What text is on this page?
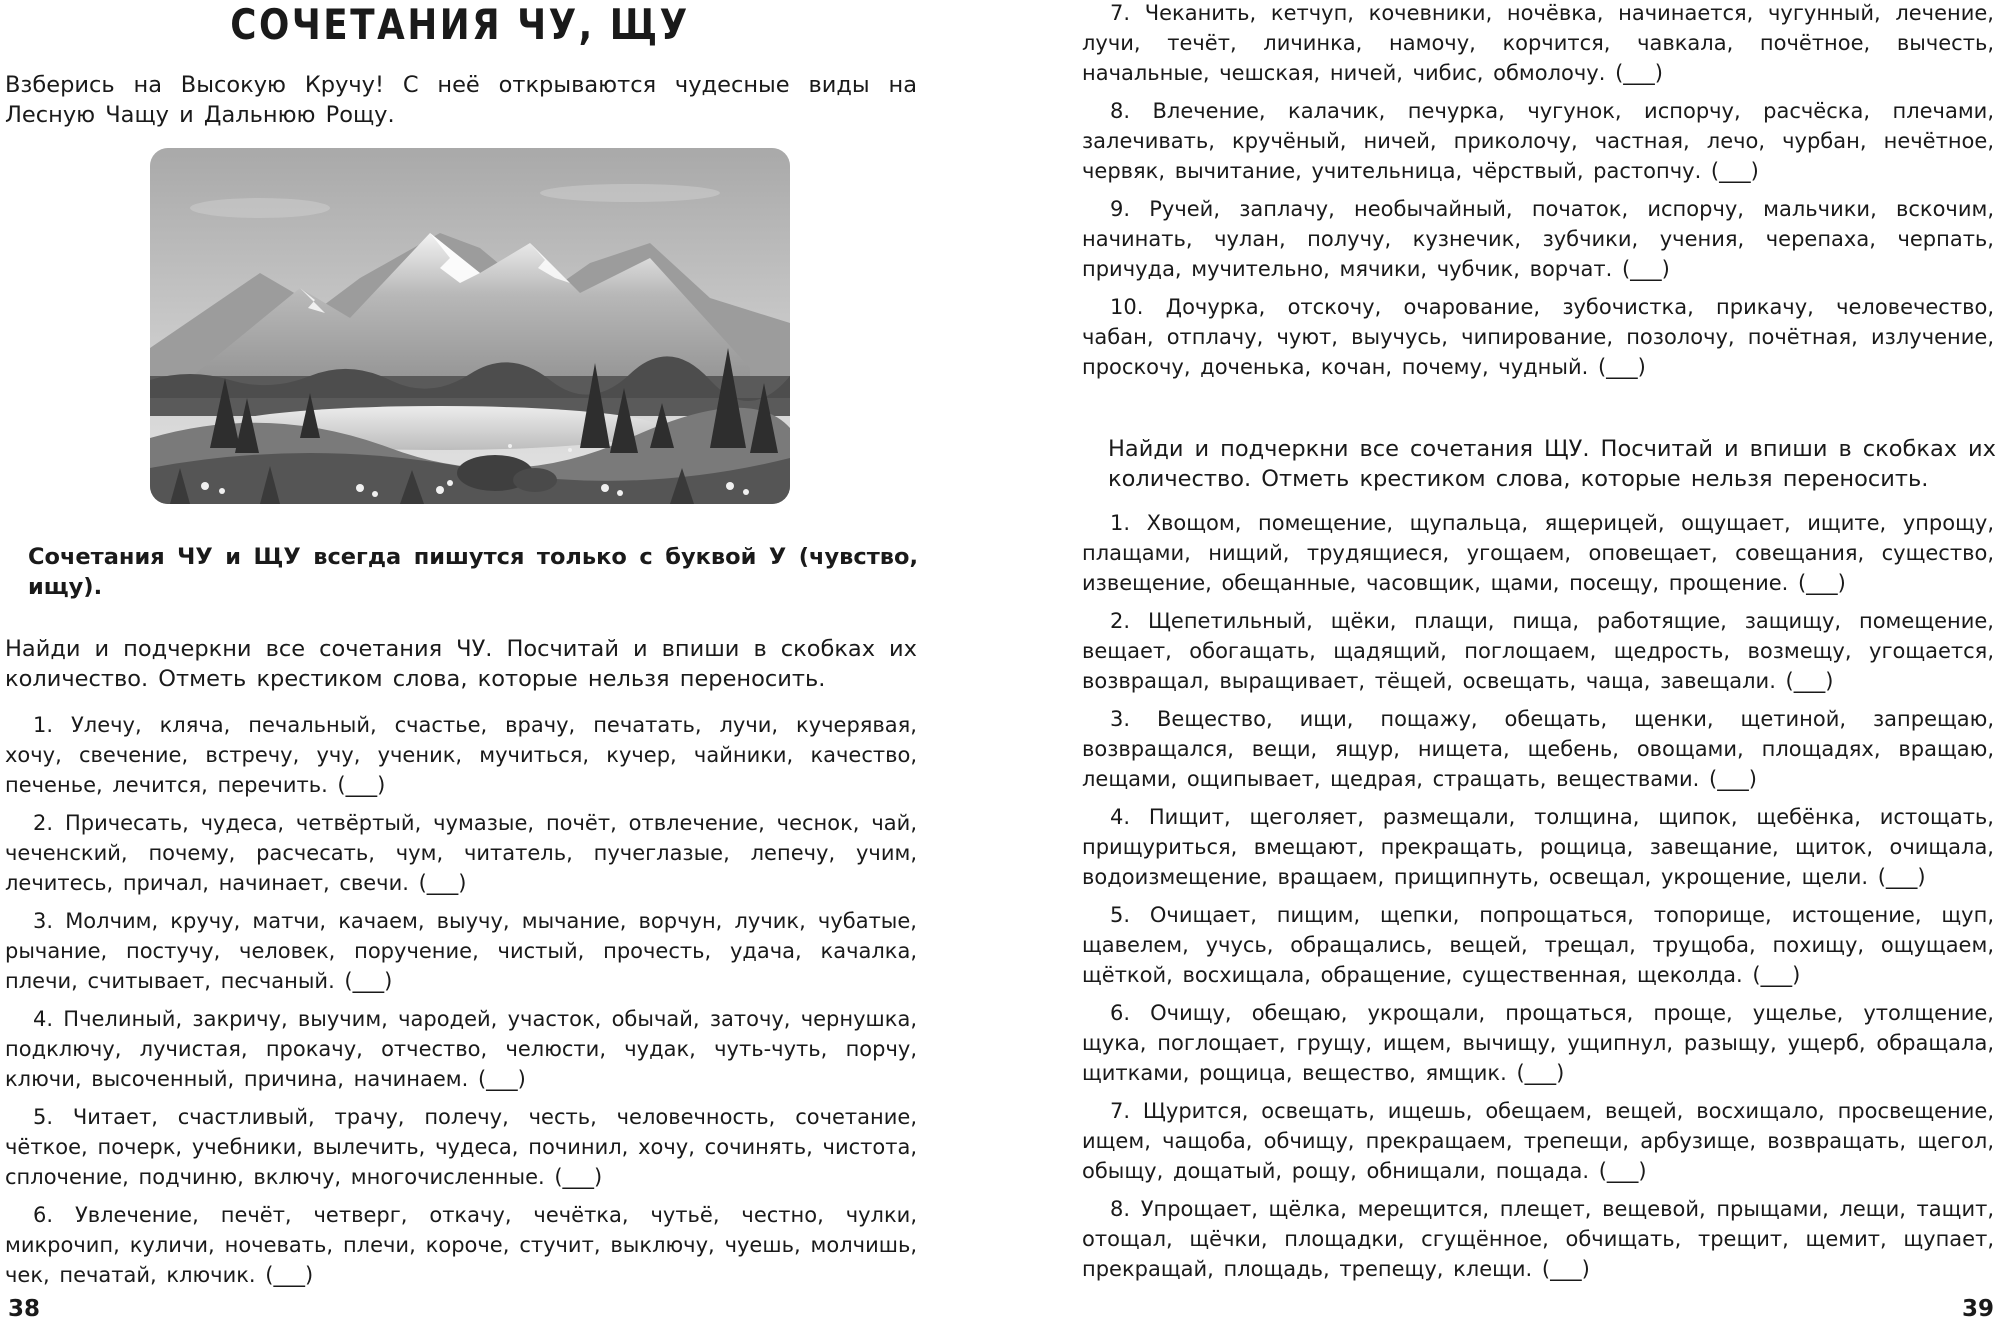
СОЧЕТАНИЯ ЧУ, ЩУ

Взберись на Высокую Кручу! С неё открываются чудесные виды на Лесную Чащу и Дальнюю Рощу.

Сочетания ЧУ и ЩУ всегда пишутся только с буквой У (чувство, ищу).

Найди и подчеркни все сочетания ЧУ. Посчитай и впиши в скобках их количество. Отметь крестиком слова, которые нельзя переносить.

1. Улечу, кляча, печальный, счастье, врачу, печатать, лучи, кучерявая, хочу, свечение, встречу, учу, ученик, мучиться, кучер, чайники, качество, печенье, лечится, перечить. (___)

2. Причесать, чудеса, четвёртый, чумазые, почёт, отвлечение, чеснок, чай, чеченский, почему, расчесать, чум, читатель, пучеглазые, лепечу, учим, лечитесь, причал, начинает, свечи. (___)

3. Молчим, кручу, матчи, качаем, выучу, мычание, ворчун, лучик, чубатые, рычание, постучу, человек, поручение, чистый, прочесть, удача, качалка, плечи, считывает, песчаный. (___)

4. Пчелиный, закричу, выучим, чародей, участок, обычай, заточу, чернушка, подключу, лучистая, прокачу, отчество, челюсти, чудак, чуть-чуть, порчу, ключи, высоченный, причина, начинаем. (___)

5. Читает, счастливый, трачу, полечу, честь, человечность, сочетание, чёткое, почерк, учебники, вылечить, чудеса, починил, хочу, сочинять, чистота, сплочение, подчиню, включу, многочисленные. (___)

6. Увлечение, печёт, четверг, откачу, чечётка, чутьё, честно, чулки, микрочип, куличи, ночевать, плечи, короче, стучит, выключу, чуешь, молчишь, чек, печатай, ключик. (___)

38

7. Чеканить, кетчуп, кочевники, ночёвка, начинается, чугунный, лечение, лучи, течёт, личинка, намочу, корчится, чавкала, почётное, вычесть, начальные, чешская, ничей, чибис, обмолочу. (___)

8. Влечение, калачик, печурка, чугунок, испорчу, расчёска, плечами, залечивать, кручёный, ничей, приколочу, частная, лечо, чурбан, нечётное, червяк, вычитание, учительница, чёрствый, растопчу. (___)

9. Ручей, заплачу, необычайный, початок, испорчу, мальчики, вскочим, начинать, чулан, получу, кузнечик, зубчики, учения, черепаха, черпать, причуда, мучительно, мячики, чубчик, ворчат. (___)

10. Дочурка, отскочу, очарование, зубочистка, прикачу, человечество, чабан, отплачу, чуют, выучусь, чипирование, позолочу, почётная, излучение, проскочу, доченька, кочан, почему, чудный. (___)

Найди и подчеркни все сочетания ЩУ. Посчитай и впиши в скобках их количество. Отметь крестиком слова, которые нельзя переносить.

1. Хвощом, помещение, щупальца, ящерицей, ощущает, ищите, упрощу, плащами, нищий, трудящиеся, угощаем, оповещает, совещания, существо, извещение, обещанные, часовщик, щами, посещу, прощение. (___)

2. Щепетильный, щёки, плащи, пища, работящие, защищу, помещение, вещает, обогащать, щадящий, поглощаем, щедрость, возмещу, угощается, возвращал, выращивает, тёщей, освещать, чаща, завещали. (___)

3. Вещество, ищи, пощажу, обещать, щенки, щетиной, запрещаю, возвращался, вещи, ящур, нищета, щебень, овощами, площадях, вращаю, лещами, ощипывает, щедрая, стращать, веществами. (___)

4. Пищит, щеголяет, размещали, толщина, щипок, щебёнка, истощать, прищуриться, вмещают, прекращать, рощица, завещание, щиток, очищала, водоизмещение, вращаем, прищипнуть, освещал, укрощение, щели. (___)

5. Очищает, пищим, щепки, попрощаться, топорище, истощение, щуп, щавелем, учусь, обращались, вещей, трещал, трущоба, похищу, ощущаем, щёткой, восхищала, обращение, существенная, щеколда. (___)

6. Очищу, обещаю, укрощали, прощаться, проще, ущелье, утолщение, щука, поглощает, грущу, ищем, вычищу, ущипнул, разыщу, ущерб, обращала, щитками, рощица, вещество, ямщик. (___)

7. Щурится, освещать, ищешь, обещаем, вещей, восхищало, просвещение, ищем, чащоба, обчищу, прекращаем, трепещи, арбузище, возвращать, щегол, обыщу, дощатый, рощу, обнищали, пощада. (___)

8. Упрощает, щёлка, мерещится, плещет, вещевой, прыщами, лещи, тащит, отощал, щёчки, площадки, сгущённое, обчищать, трещит, щемит, щупает, прекращай, площадь, трепещу, клещи. (___)

39
